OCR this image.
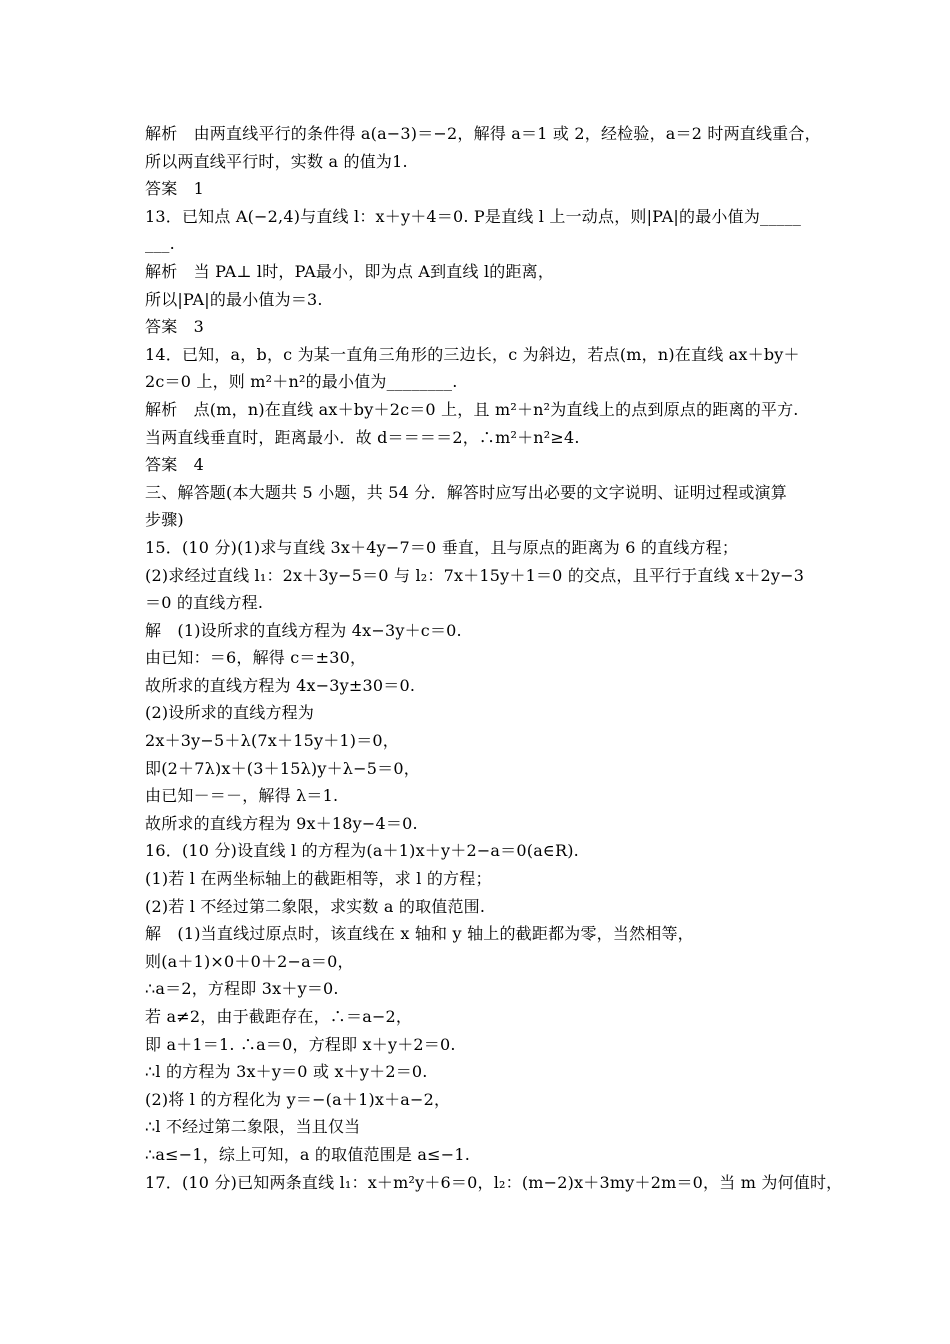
解析　由两直线平行的条件得 a(a−3)＝−2，解得 a＝1 或 2，经检验，a＝2 时两直线重合，
所以两直线平行时，实数 a 的值为1.
答案　1
13．已知点 A(−2,4)与直线 l：x＋y＋4＝0. P是直线 l 上一动点，则|PA|的最小值为_____
___.
解析　当 PA⊥ l时，PA最小，即为点 A到直线 l的距离，
所以|PA|的最小值为＝3.
答案　3
14．已知，a，b，c 为某一直角三角形的三边长，c 为斜边，若点(m，n)在直线 ax＋by＋
2c＝0 上，则 m²＋n²的最小值为________.
解析　点(m，n)在直线 ax＋by＋2c＝0 上，且 m²＋n²为直线上的点到原点的距离的平方.
当两直线垂直时，距离最小．故 d＝＝＝＝2，∴m²＋n²≥4.
答案　4
三、解答题(本大题共 5 小题，共 54 分．解答时应写出必要的文字说明、证明过程或演算
步骤)
15．(10 分)(1)求与直线 3x＋4y−7＝0 垂直，且与原点的距离为 6 的直线方程；
(2)求经过直线 l₁：2x＋3y−5＝0 与 l₂：7x＋15y＋1＝0 的交点，且平行于直线 x＋2y−3
＝0 的直线方程.
解　(1)设所求的直线方程为 4x−3y＋c＝0.
由已知：＝6，解得 c＝±30，
故所求的直线方程为 4x−3y±30＝0.
(2)设所求的直线方程为
2x＋3y−5＋λ(7x＋15y＋1)＝0，
即(2＋7λ)x＋(3＋15λ)y＋λ−5＝0，
由已知－＝－，解得 λ＝1.
故所求的直线方程为 9x＋18y−4＝0.
16．(10 分)设直线 l 的方程为(a＋1)x＋y＋2−a＝0(a∈R).
(1)若 l 在两坐标轴上的截距相等，求 l 的方程；
(2)若 l 不经过第二象限，求实数 a 的取值范围.
解　(1)当直线过原点时，该直线在 x 轴和 y 轴上的截距都为零，当然相等，
则(a＋1)×0＋0＋2−a＝0，
∴a＝2，方程即 3x＋y＝0.
若 a≠2，由于截距存在，∴＝a−2，
即 a＋1＝1. ∴a＝0，方程即 x＋y＋2＝0.
∴l 的方程为 3x＋y＝0 或 x＋y＋2＝0.
(2)将 l 的方程化为 y＝−(a＋1)x＋a−2，
∴l 不经过第二象限，当且仅当
∴a≤−1，综上可知，a 的取值范围是 a≤−1.
17．(10 分)已知两条直线 l₁：x＋m²y＋6＝0，l₂：(m−2)x＋3my＋2m＝0，当 m 为何值时，
